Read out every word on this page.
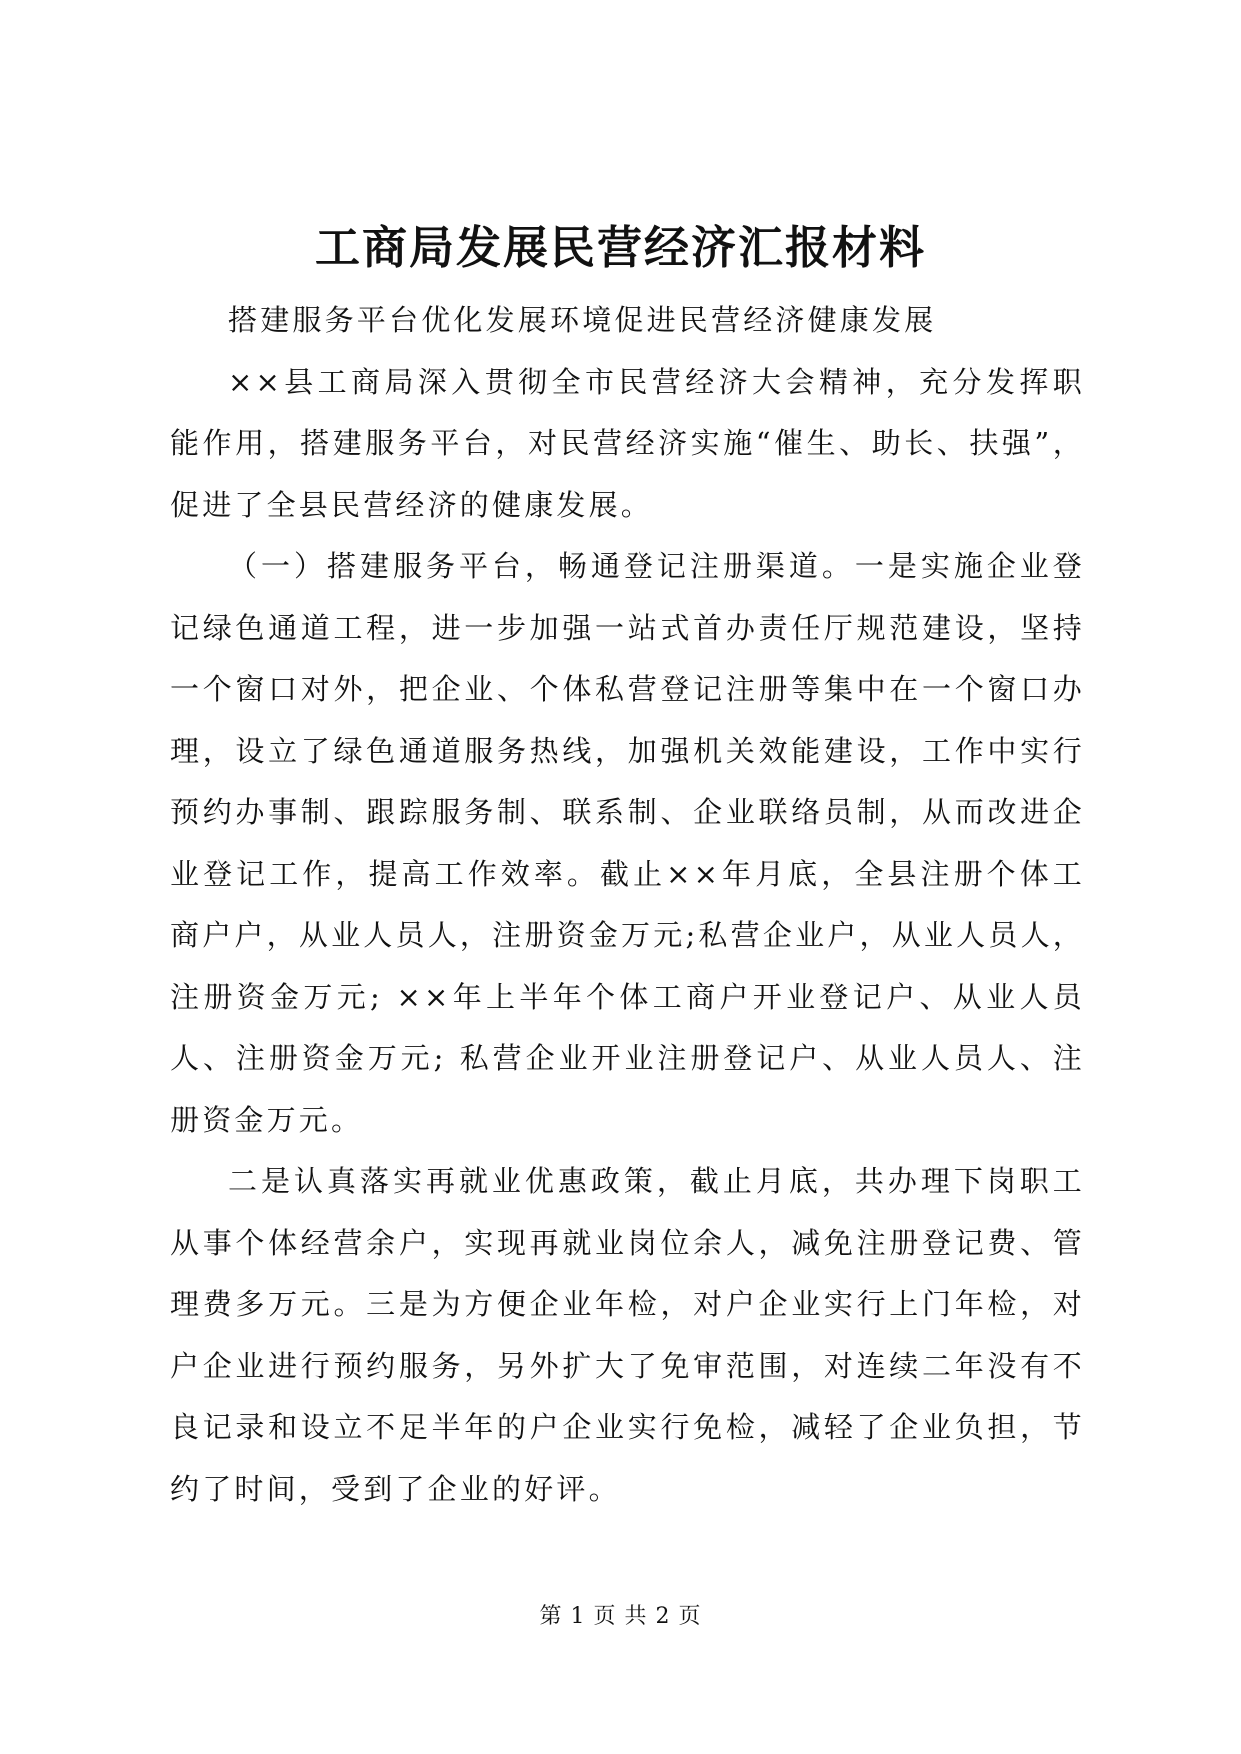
工商局发展民营经济汇报材料

搭建服务平台优化发展环境促进民营经济健康发展

××县工商局深入贯彻全市民营经济大会精神，充分发挥职能作用，搭建服务平台，对民营经济实施“催生、助长、扶强”，促进了全县民营经济的健康发展。

（一）搭建服务平台，畅通登记注册渠道。一是实施企业登记绿色通道工程，进一步加强一站式首办责任厅规范建设，坚持一个窗口对外，把企业、个体私营登记注册等集中在一个窗口办理，设立了绿色通道服务热线，加强机关效能建设，工作中实行预约办事制、跟踪服务制、联系制、企业联络员制，从而改进企业登记工作，提高工作效率。截止××年月底，全县注册个体工商户户，从业人员人，注册资金万元;私营企业户，从业人员人，注册资金万元; ××年上半年个体工商户开业登记户、从业人员人、注册资金万元; 私营企业开业注册登记户、从业人员人、注册资金万元。

二是认真落实再就业优惠政策，截止月底，共办理下岗职工从事个体经营余户，实现再就业岗位余人，减免注册登记费、管理费多万元。三是为方便企业年检，对户企业实行上门年检，对户企业进行预约服务，另外扩大了免审范围，对连续二年没有不良记录和设立不足半年的户企业实行免检，减轻了企业负担，节约了时间，受到了企业的好评。

第 1 页 共 2 页
